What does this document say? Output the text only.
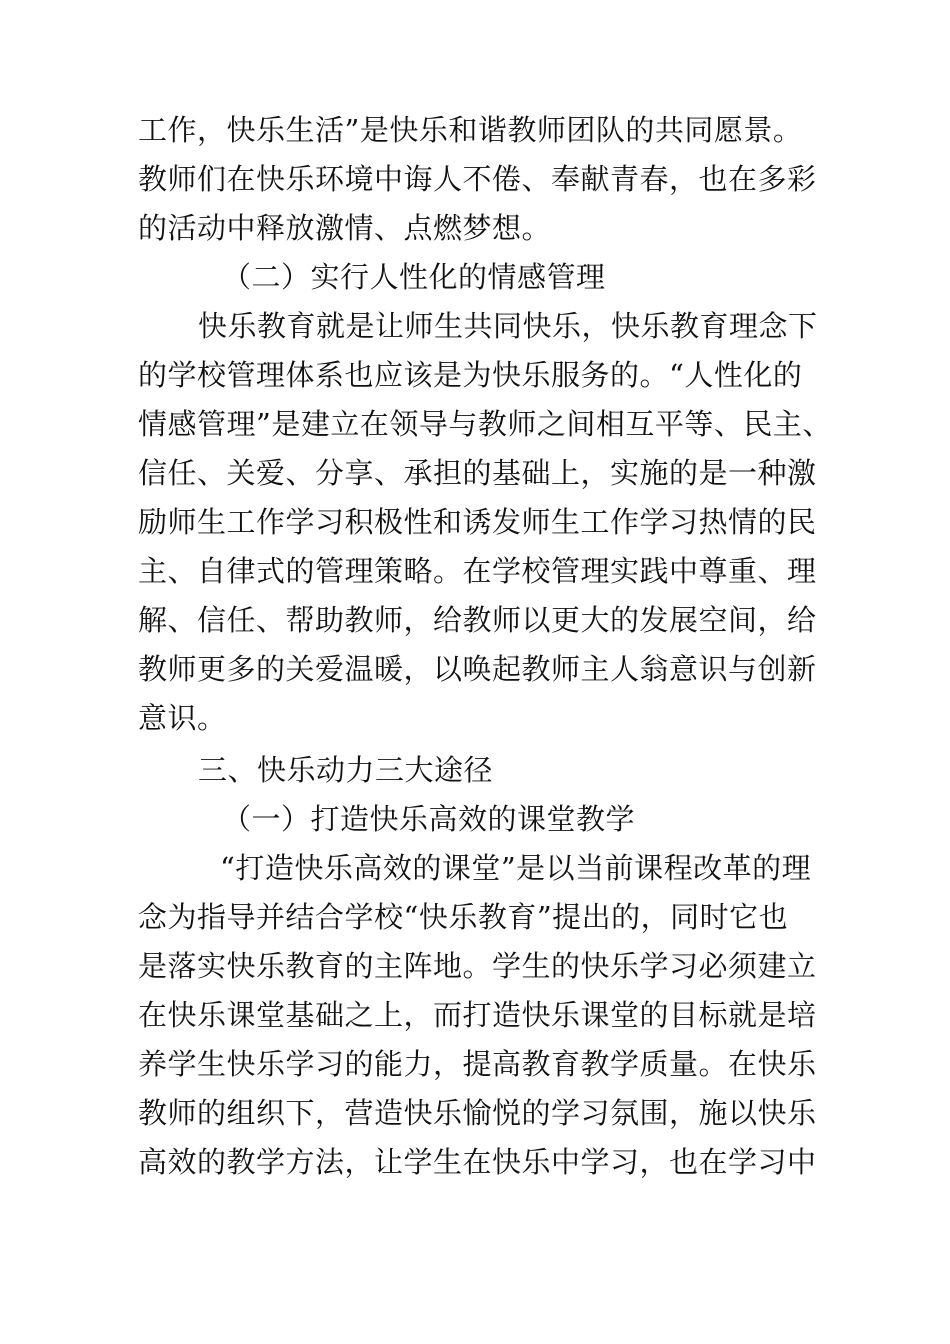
工作，快乐生活”是快乐和谐教师团队的共同愿景。
教师们在快乐环境中诲人不倦、奉献青春，也在多彩
的活动中释放激情、点燃梦想。
（二）实行人性化的情感管理
快乐教育就是让师生共同快乐，快乐教育理念下
的学校管理体系也应该是为快乐服务的。“人性化的
情感管理”是建立在领导与教师之间相互平等、民主、
信任、关爱、分享、承担的基础上，实施的是一种激
励师生工作学习积极性和诱发师生工作学习热情的民
主、自律式的管理策略。在学校管理实践中尊重、理
解、信任、帮助教师，给教师以更大的发展空间，给
教师更多的关爱温暖，以唤起教师主人翁意识与创新
意识。
三、快乐动力三大途径
（一）打造快乐高效的课堂教学
“打造快乐高效的课堂”是以当前课程改革的理
念为指导并结合学校“快乐教育”提出的，同时它也
是落实快乐教育的主阵地。学生的快乐学习必须建立
在快乐课堂基础之上，而打造快乐课堂的目标就是培
养学生快乐学习的能力，提高教育教学质量。在快乐
教师的组织下，营造快乐愉悦的学习氛围，施以快乐
高效的教学方法，让学生在快乐中学习，也在学习中
